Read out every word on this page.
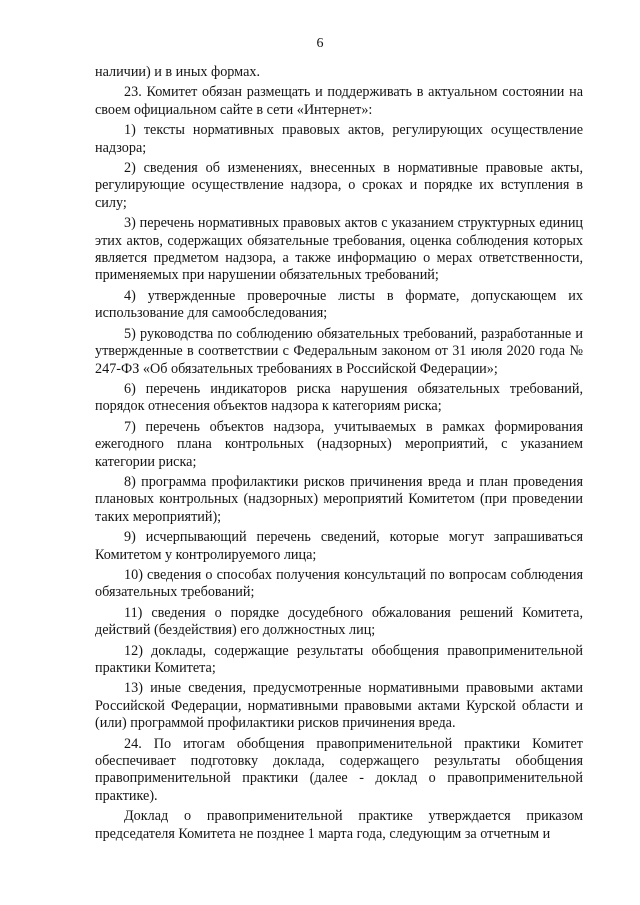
6

наличии) и в иных формах.

23. Комитет обязан размещать и поддерживать в актуальном состоянии на своем официальном сайте в сети «Интернет»:

1) тексты нормативных правовых актов, регулирующих осуществление надзора;

2) сведения об изменениях, внесенных в нормативные правовые акты, регулирующие осуществление надзора, о сроках и порядке их вступления в силу;

3) перечень нормативных правовых актов с указанием структурных единиц этих актов, содержащих обязательные требования, оценка соблюдения которых является предметом надзора, а также информацию о мерах ответственности, применяемых при нарушении обязательных требований;

4) утвержденные проверочные листы в формате, допускающем их использование для самообследования;

5) руководства по соблюдению обязательных требований, разработанные и утвержденные в соответствии с Федеральным законом от 31 июля 2020 года № 247-ФЗ «Об обязательных требованиях в Российской Федерации»;

6) перечень индикаторов риска нарушения обязательных требований, порядок отнесения объектов надзора к категориям риска;

7) перечень объектов надзора, учитываемых в рамках формирования ежегодного плана контрольных (надзорных) мероприятий, с указанием категории риска;

8) программа профилактики рисков причинения вреда и план проведения плановых контрольных (надзорных) мероприятий Комитетом (при проведении таких мероприятий);

9) исчерпывающий перечень сведений, которые могут запрашиваться Комитетом у контролируемого лица;

10) сведения о способах получения консультаций по вопросам соблюдения обязательных требований;

11) сведения о порядке досудебного обжалования решений Комитета, действий (бездействия) его должностных лиц;

12) доклады, содержащие результаты обобщения правоприменительной практики Комитета;

13) иные сведения, предусмотренные нормативными правовыми актами Российской Федерации, нормативными правовыми актами Курской области и (или) программой профилактики рисков причинения вреда.

24. По итогам обобщения правоприменительной практики Комитет обеспечивает подготовку доклада, содержащего результаты обобщения правоприменительной практики (далее - доклад о правоприменительной практике).

Доклад о правоприменительной практике утверждается приказом председателя Комитета не позднее 1 марта года, следующим за отчетным и
